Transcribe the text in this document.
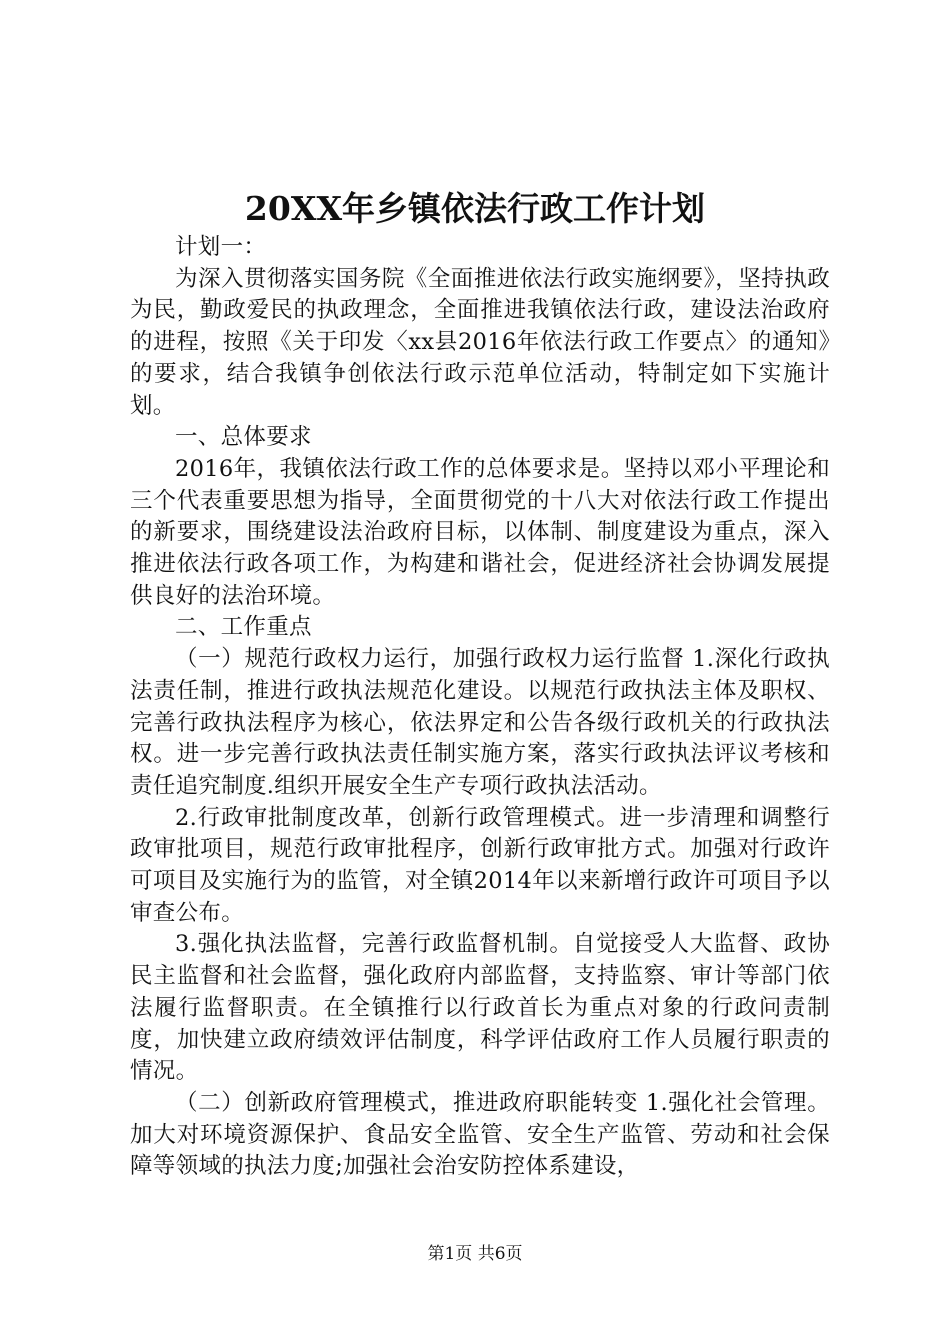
20XX年乡镇依法行政工作计划

计划一：

为深入贯彻落实国务院《全面推进依法行政实施纲要》，坚持执政为民，勤政爱民的执政理念，全面推进我镇依法行政，建设法治政府的进程，按照《关于印发〈xx县2016年依法行政工作要点〉的通知》的要求，结合我镇争创依法行政示范单位活动，特制定如下实施计划。

一、总体要求

2016年，我镇依法行政工作的总体要求是。坚持以邓小平理论和三个代表重要思想为指导，全面贯彻党的十八大对依法行政工作提出的新要求，围绕建设法治政府目标，以体制、制度建设为重点，深入推进依法行政各项工作，为构建和谐社会，促进经济社会协调发展提供良好的法治环境。

二、工作重点

（一）规范行政权力运行，加强行政权力运行监督 1.深化行政执法责任制，推进行政执法规范化建设。以规范行政执法主体及职权、完善行政执法程序为核心，依法界定和公告各级行政机关的行政执法权。进一步完善行政执法责任制实施方案，落实行政执法评议考核和责任追究制度.组织开展安全生产专项行政执法活动。

2.行政审批制度改革，创新行政管理模式。进一步清理和调整行政审批项目，规范行政审批程序，创新行政审批方式。加强对行政许可项目及实施行为的监管，对全镇2014年以来新增行政许可项目予以审查公布。

3.强化执法监督，完善行政监督机制。自觉接受人大监督、政协民主监督和社会监督，强化政府内部监督，支持监察、审计等部门依法履行监督职责。在全镇推行以行政首长为重点对象的行政问责制度，加快建立政府绩效评估制度，科学评估政府工作人员履行职责的情况。

（二）创新政府管理模式，推进政府职能转变 1.强化社会管理。加大对环境资源保护、食品安全监管、安全生产监管、劳动和社会保障等领域的执法力度;加强社会治安防控体系建设，

第1页 共6页
